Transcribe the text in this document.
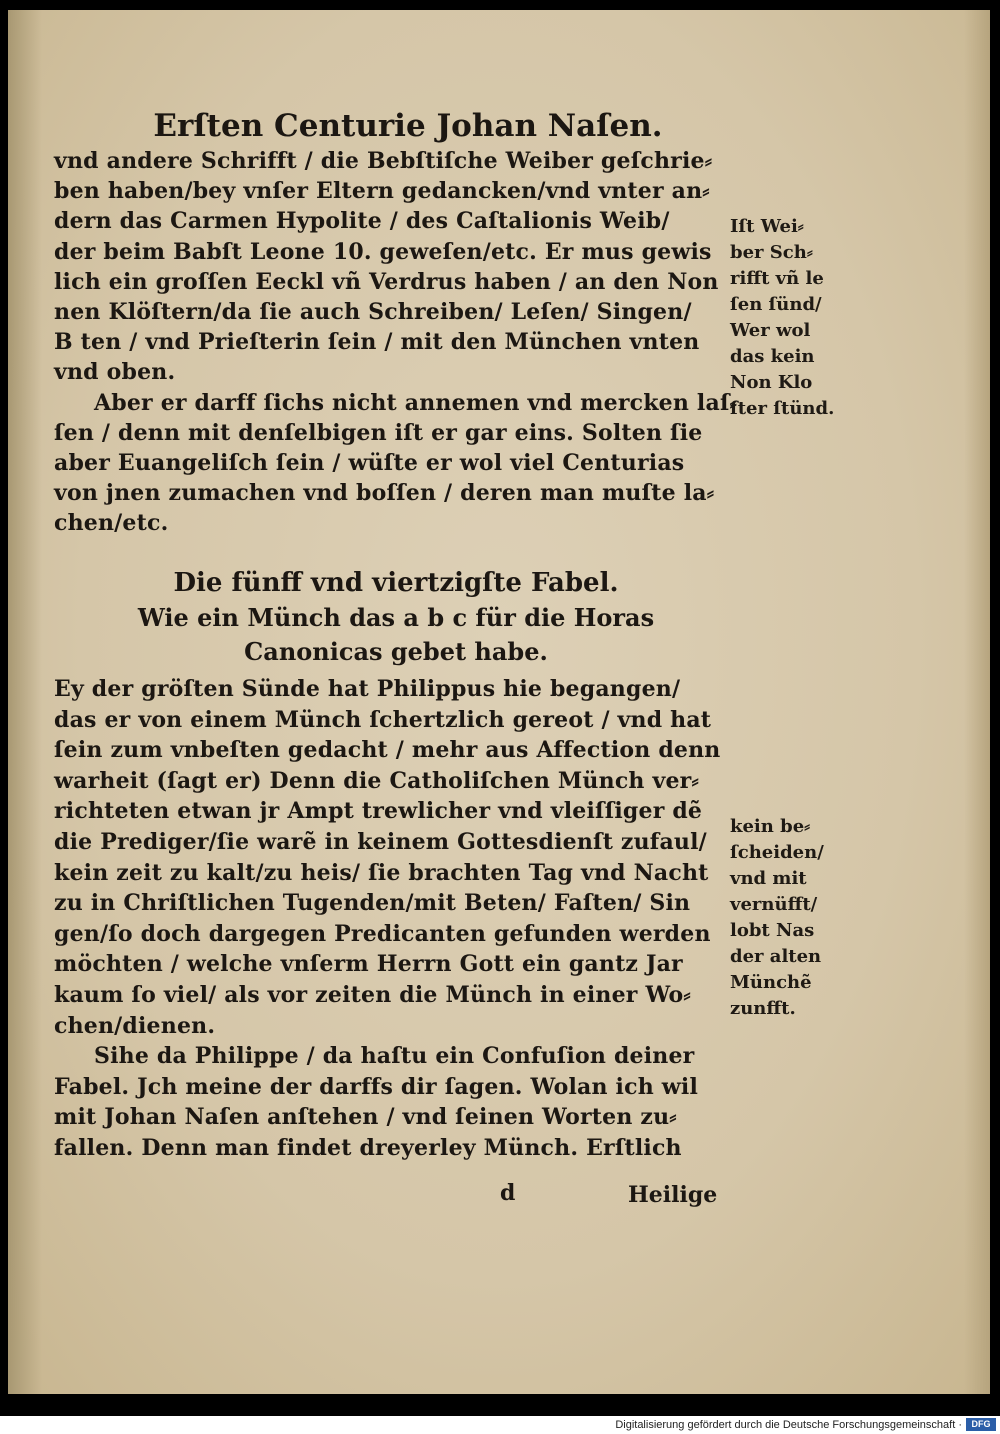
Erſten Centurie Johan Naſen.
vnd andere Schrifft / die Bebſtiſche Weiber geſchrie⸗
ben haben/bey vnſer Eltern gedancken/vnd vnter an⸗
dern das Carmen Hypolite / des Caſtalionis Weib/
der beim Babſt Leone 10. geweſen/etc. Er mus gewis
lich ein groſſen Eeckl vñ Verdrus haben / an den Non
nen Klöſtern/da ſie auch Schreiben/ Leſen/ Singen/
B ten / vnd Prieſterin ſein / mit den München vnten
vnd oben.
Aber er darff ſichs nicht annemen vnd mercken laſ⸗
ſen / denn mit denſelbigen iſt er gar eins. Solten ſie
aber Euangeliſch ſein / wüſte er wol viel Centurias
von jnen zumachen vnd boſſen / deren man muſte la⸗
chen/etc.
Die fünff vnd viertzigſte Fabel.
Wie ein Münch das a b c für die Horas
Canonicas gebet habe.
Ey der gröſten Sünde hat Philippus hie begangen/
das er von einem Münch ſchertzlich gereot / vnd hat
ſein zum vnbeſten gedacht / mehr aus Affection denn
warheit (ſagt er) Denn die Catholiſchen Münch ver⸗
richteten etwan jr Ampt trewlicher vnd vleiſſiger dẽ
die Prediger/ſie warẽ in keinem Gottesdienſt zufaul/
kein zeit zu kalt/zu heis/ ſie brachten Tag vnd Nacht
zu in Chriſtlichen Tugenden/mit Beten/ Faſten/ Sin
gen/ſo doch dargegen Predicanten gefunden werden
möchten / welche vnſerm Herrn Gott ein gantz Jar
kaum ſo viel/ als vor zeiten die Münch in einer Wo⸗
chen/dienen.
Sihe da Philippe / da haſtu ein Confuſion deiner
Fabel. Jch meine der darffs dir ſagen. Wolan ich wil
mit Johan Naſen anſtehen / vnd ſeinen Worten zu⸗
fallen. Denn man findet dreyerley Münch. Erſtlich
d	Heilige
Iſt Wei⸗
ber Sch⸗
rifft vñ le
ſen ſünd/
Wer wol
das kein
Non Klo
ſter ſtünd.
kein be⸗
ſcheiden/
vnd mit
vernüfft/
lobt Nas
der alten
Münchẽ
zunfft.
Digitalisierung gefördert durch die Deutsche Forschungsgemeinschaft ·	DFG
